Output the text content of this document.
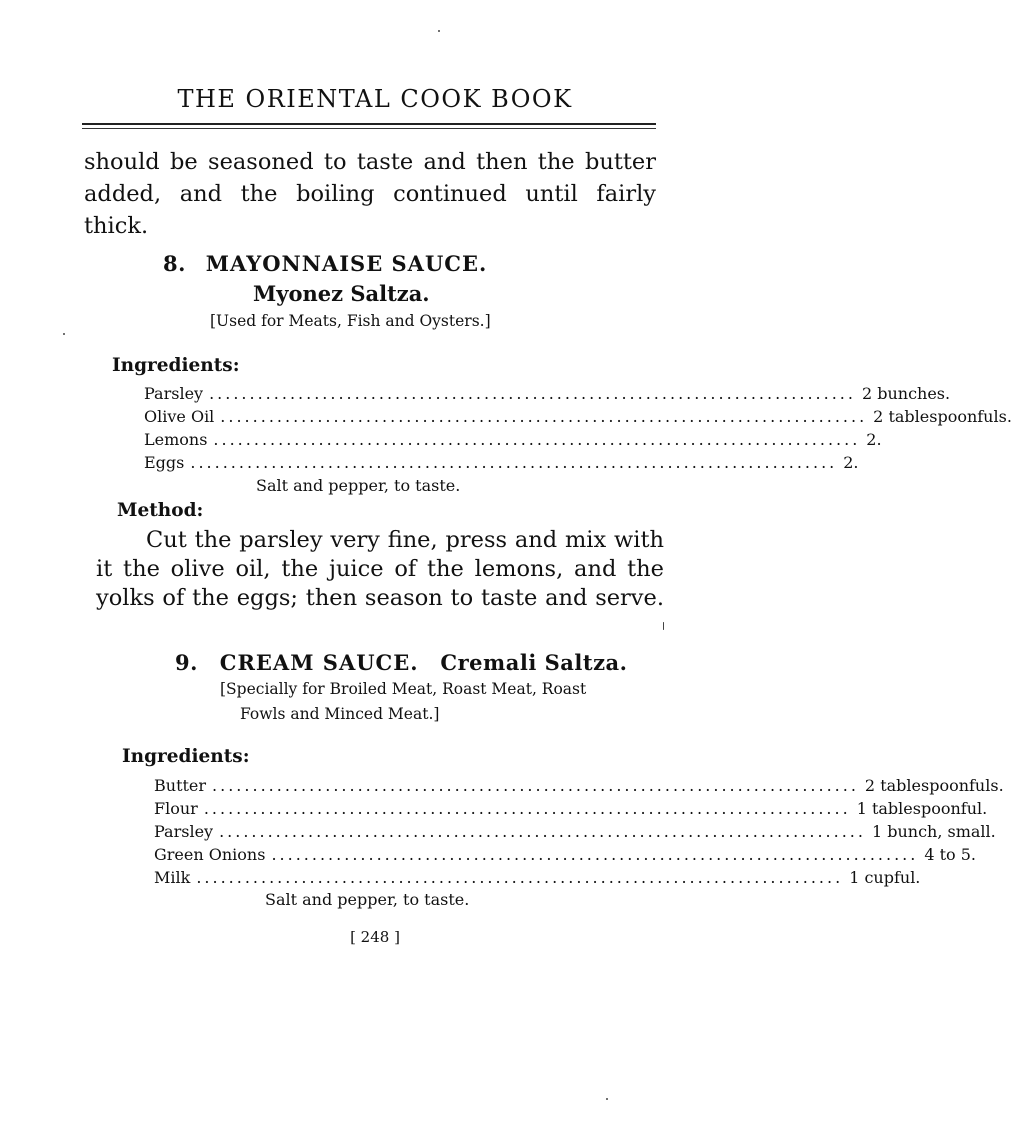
THE ORIENTAL COOK BOOK
should be seasoned to taste and then the butter
added, and the boiling continued until fairly
thick.
8. MAYONNAISE SAUCE.
Myonez Saltza.
[Used for Meats, Fish and Oysters.]
Ingredients:
Parsley ................................................................................ 2 bunches.
Olive Oil ................................................................................ 2 tablespoonfuls.
Lemons ................................................................................ 2.
Eggs ................................................................................ 2.
Salt and pepper, to taste.
Method:
Cut the parsley very fine, press and mix with
it the olive oil, the juice of the lemons, and the
yolks of the eggs; then season to taste and serve.
9. CREAM SAUCE. Cremali Saltza.
[Specially for Broiled Meat, Roast Meat, Roast
Fowls and Minced Meat.]
Ingredients:
Butter ................................................................................ 2 tablespoonfuls.
Flour ................................................................................ 1 tablespoonful.
Parsley ................................................................................ 1 bunch, small.
Green Onions ................................................................................ 4 to 5.
Milk ................................................................................ 1 cupful.
Salt and pepper, to taste.
[ 248 ]
